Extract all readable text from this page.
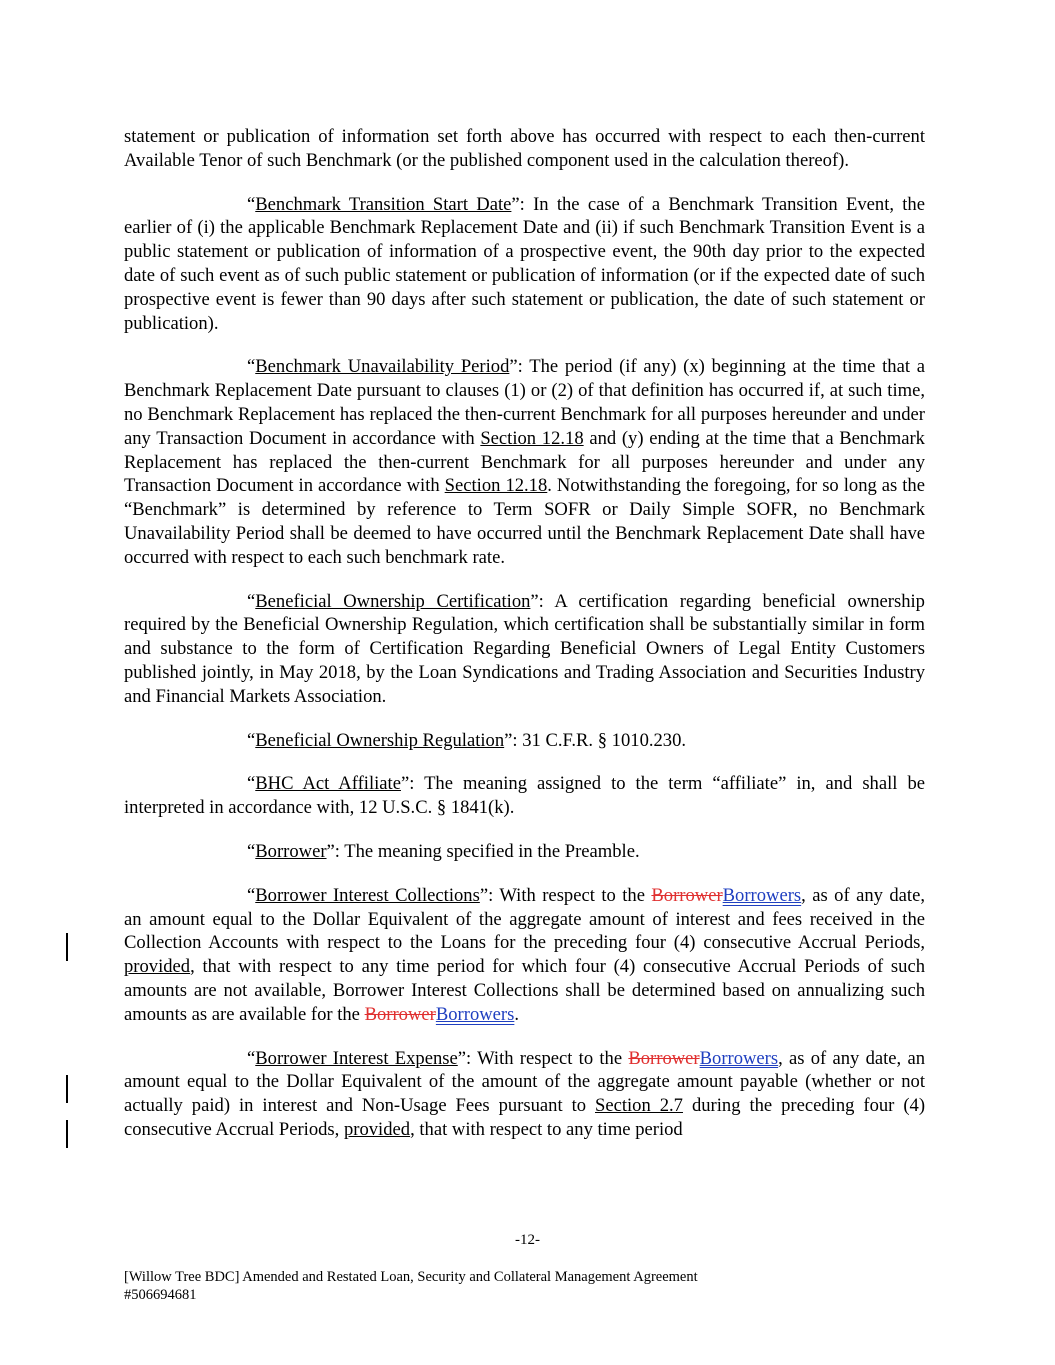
statement or publication of information set forth above has occurred with respect to each then-current Available Tenor of such Benchmark (or the published component used in the calculation thereof).

“Benchmark Transition Start Date”: In the case of a Benchmark Transition Event, the earlier of (i) the applicable Benchmark Replacement Date and (ii) if such Benchmark Transition Event is a public statement or publication of information of a prospective event, the 90th day prior to the expected date of such event as of such public statement or publication of information (or if the expected date of such prospective event is fewer than 90 days after such statement or publication, the date of such statement or publication).

“Benchmark Unavailability Period”: The period (if any) (x) beginning at the time that a Benchmark Replacement Date pursuant to clauses (1) or (2) of that definition has occurred if, at such time, no Benchmark Replacement has replaced the then-current Benchmark for all purposes hereunder and under any Transaction Document in accordance with Section 12.18 and (y) ending at the time that a Benchmark Replacement has replaced the then-current Benchmark for all purposes hereunder and under any Transaction Document in accordance with Section 12.18. Notwithstanding the foregoing, for so long as the “Benchmark” is determined by reference to Term SOFR or Daily Simple SOFR, no Benchmark Unavailability Period shall be deemed to have occurred until the Benchmark Replacement Date shall have occurred with respect to each such benchmark rate.

“Beneficial Ownership Certification”: A certification regarding beneficial ownership required by the Beneficial Ownership Regulation, which certification shall be substantially similar in form and substance to the form of Certification Regarding Beneficial Owners of Legal Entity Customers published jointly, in May 2018, by the Loan Syndications and Trading Association and Securities Industry and Financial Markets Association.

“Beneficial Ownership Regulation”: 31 C.F.R. § 1010.230.

“BHC Act Affiliate”: The meaning assigned to the term “affiliate” in, and shall be interpreted in accordance with, 12 U.S.C. § 1841(k).

“Borrower”: The meaning specified in the Preamble.

“Borrower Interest Collections”: With respect to the BorrowerBorrowers, as of any date, an amount equal to the Dollar Equivalent of the aggregate amount of interest and fees received in the Collection Accounts with respect to the Loans for the preceding four (4) consecutive Accrual Periods, provided, that with respect to any time period for which four (4) consecutive Accrual Periods of such amounts are not available, Borrower Interest Collections shall be determined based on annualizing such amounts as are available for the BorrowerBorrowers.

“Borrower Interest Expense”: With respect to the BorrowerBorrowers, as of any date, an amount equal to the Dollar Equivalent of the amount of the aggregate amount payable (whether or not actually paid) in interest and Non-Usage Fees pursuant to Section 2.7 during the preceding four (4) consecutive Accrual Periods, provided, that with respect to any time period

-12-
[Willow Tree BDC] Amended and Restated Loan, Security and Collateral Management Agreement
#506694681
